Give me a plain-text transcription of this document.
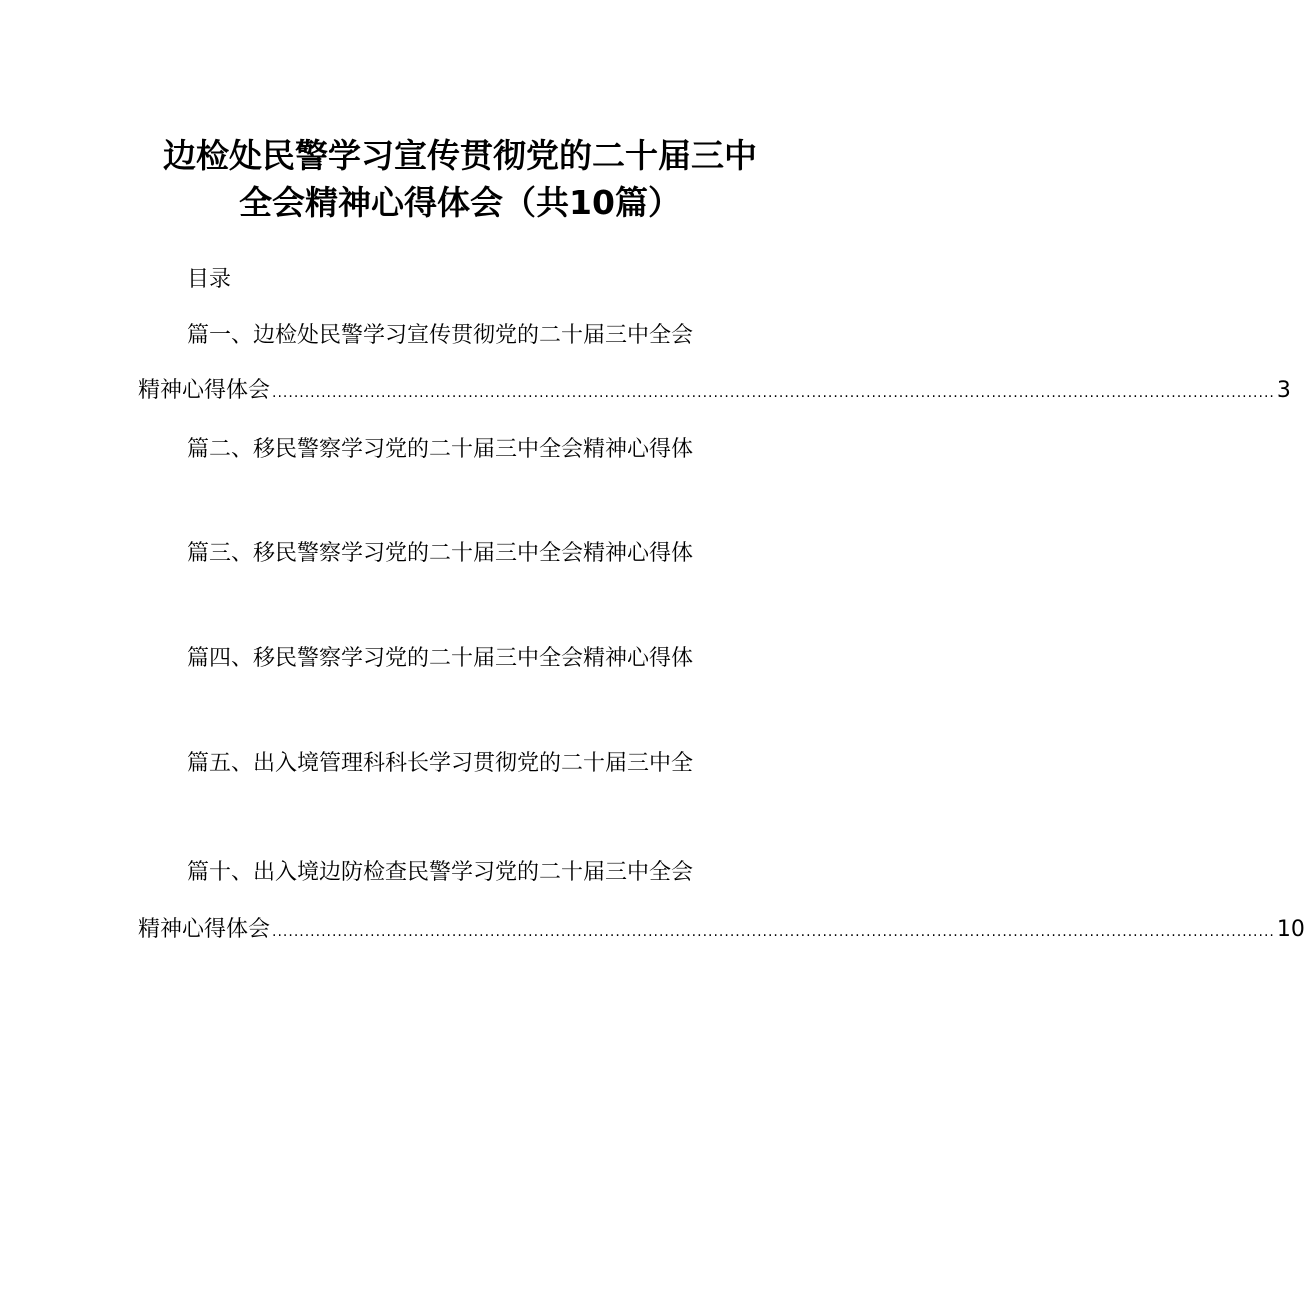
边检处民警学习宣传贯彻党的二十届三中
全会精神心得体会（共10篇）
目录
篇一、边检处民警学习宣传贯彻党的二十届三中全会
精神心得体会 ........................................................................................................................................................................................ 3
篇二、移民警察学习党的二十届三中全会精神心得体
篇三、移民警察学习党的二十届三中全会精神心得体
篇四、移民警察学习党的二十届三中全会精神心得体
篇五、出入境管理科科长学习贯彻党的二十届三中全
篇十、出入境边防检查民警学习党的二十届三中全会
精神心得体会 ........................................................................................................................................................................................ 10
